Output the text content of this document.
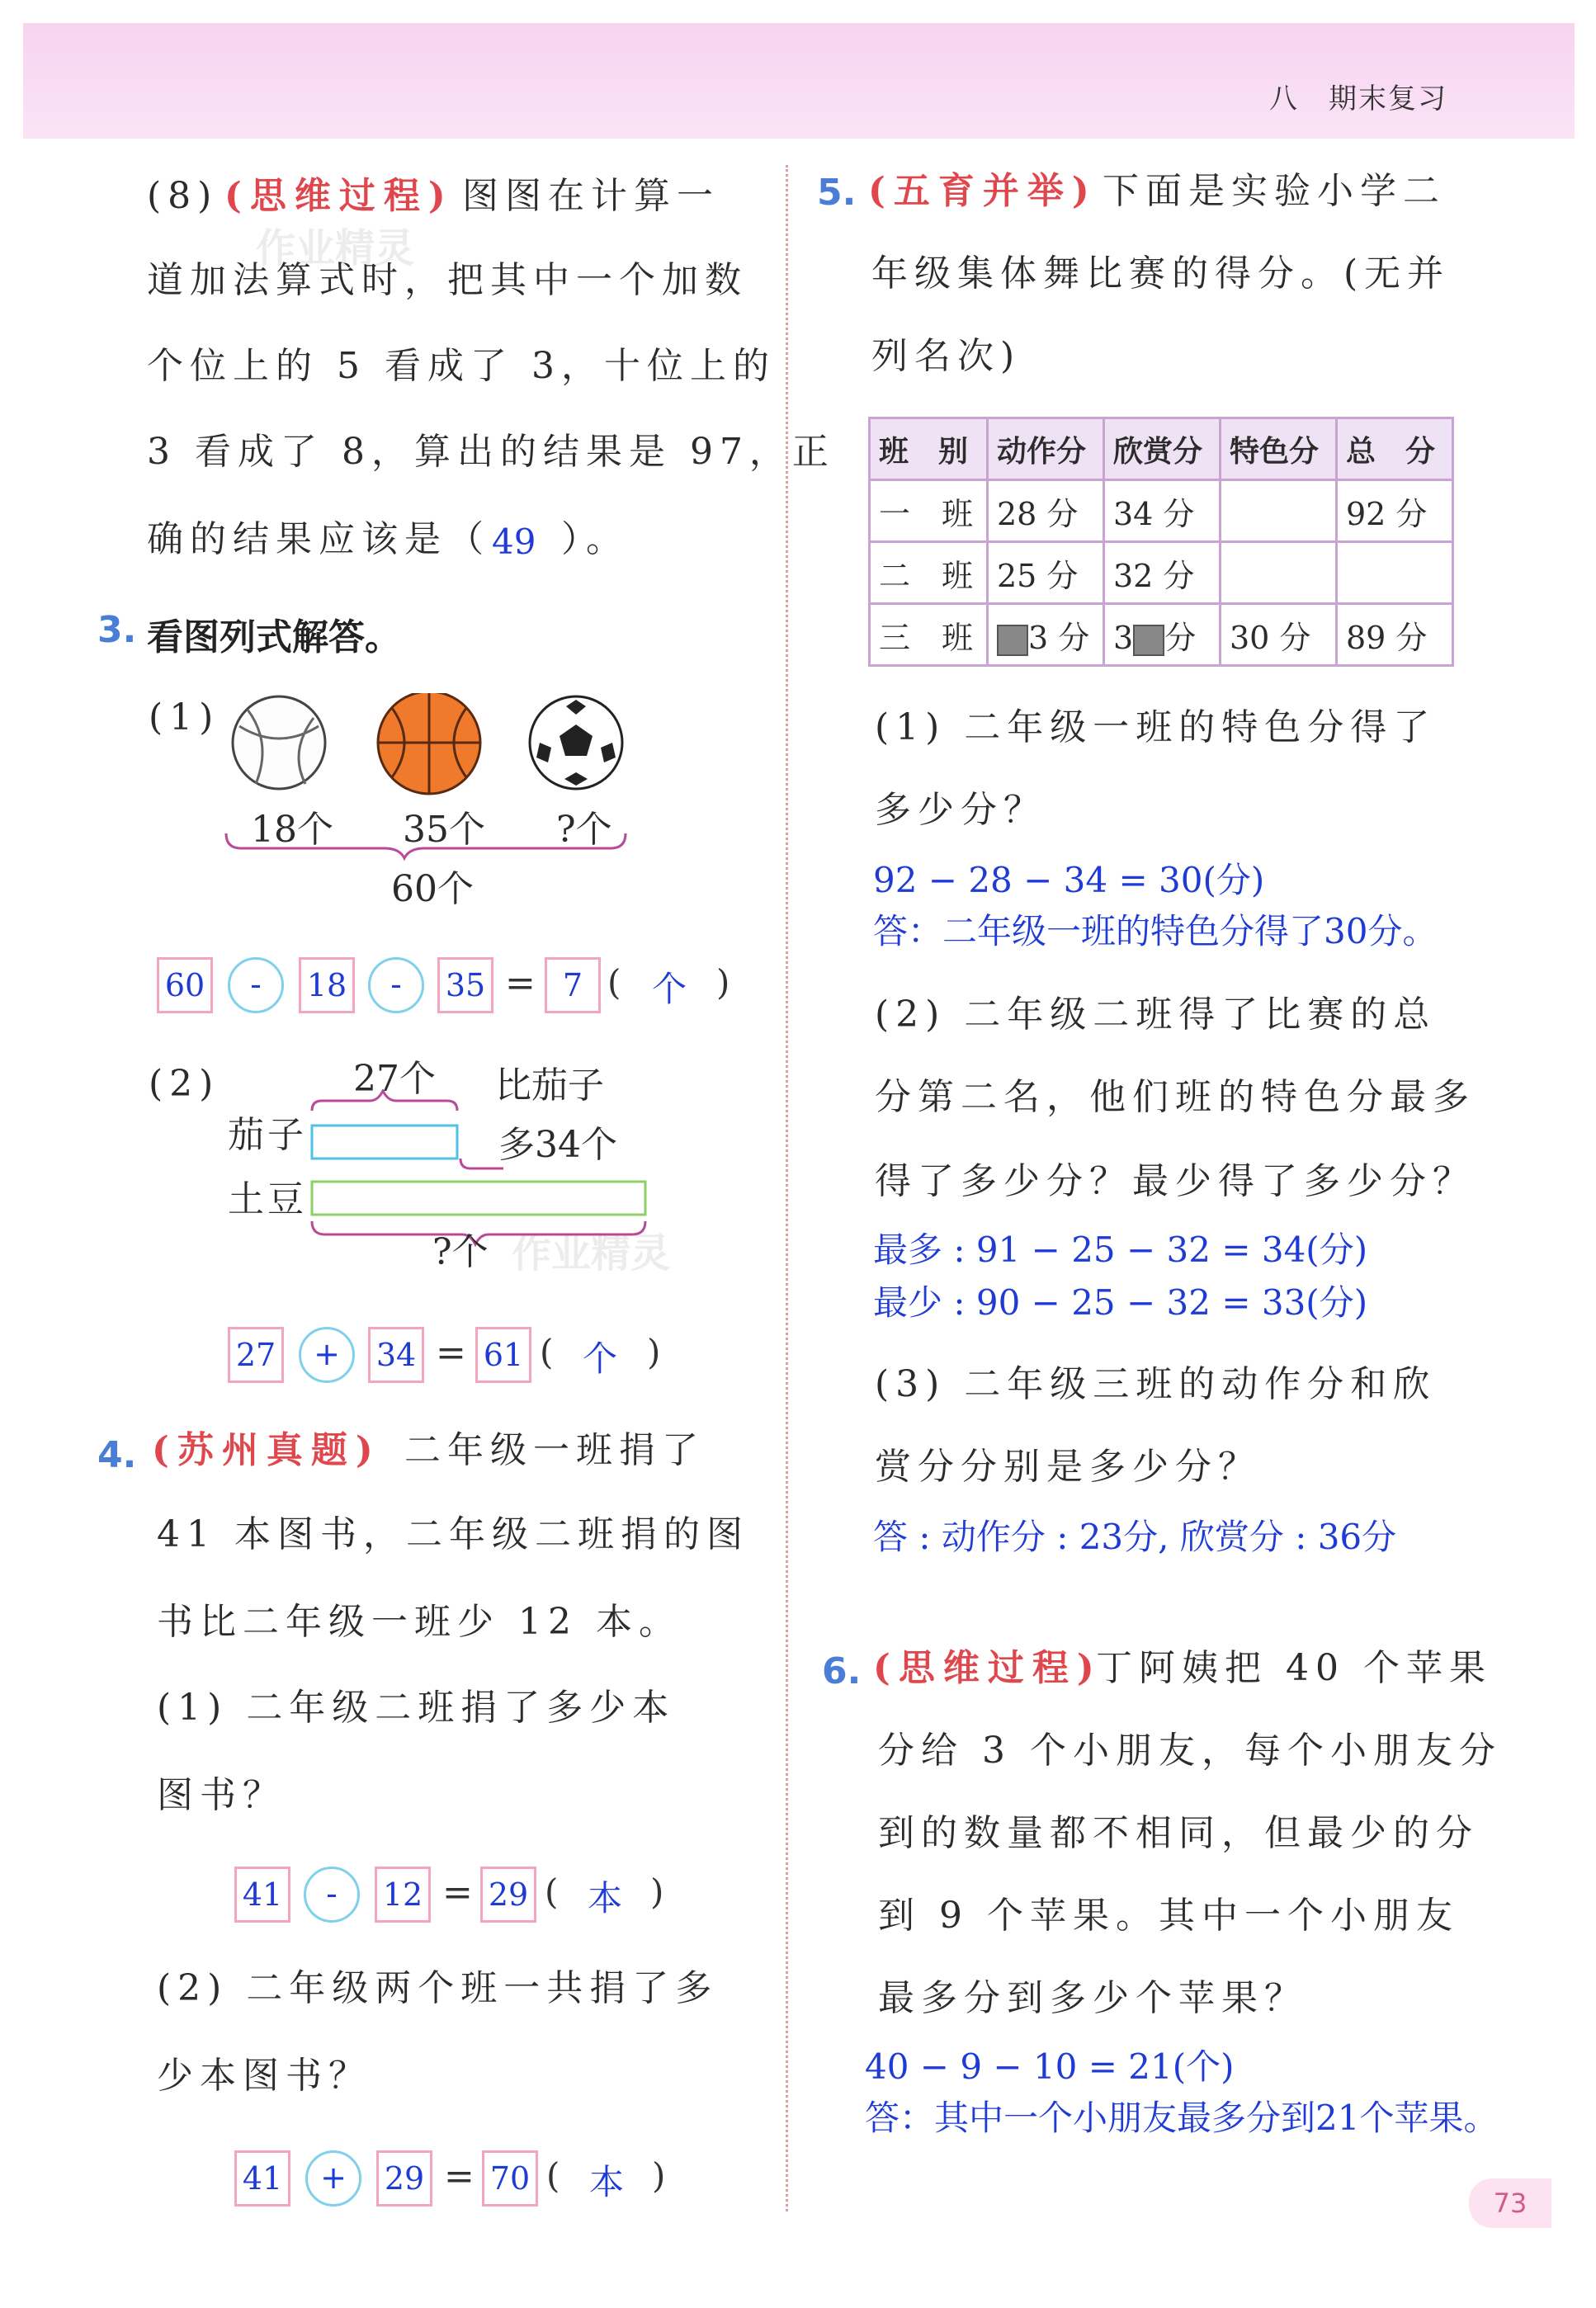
八　期末复习
作业精灵
作业精灵
(8) (思维过程) 图图在计算一
道加法算式时，把其中一个加数
个位上的 5 看成了 3，十位上的
3 看成了 8，算出的结果是 97，正
确的结果应该是（ 49 ）。
3. 看图列式解答。
(1)
18个 35个 ?个
60个
60	-	18	-	35 = 7 ( 个 )
(2)	27个 比茄子
茄子	多34个
土豆
?个
27	+	34 = 61 ( 个 )
4. (苏州真题) 二年级一班捐了
41 本图书，二年级二班捐的图
书比二年级一班少 12 本。
(1) 二年级二班捐了多少本
图书？
41	-	12 = 29 ( 本 )
(2) 二年级两个班一共捐了多
少本图书？
41	+	29 = 70 ( 本 )
5. (五育并举) 下面是实验小学二
年级集体舞比赛的得分。(无并
列名次)
班　别	动作分	欣赏分	特色分	总　分
一　班	28 分	34 分		92 分
二　班	25 分	32 分		
三　班	3 分	3 分	30 分	89 分
(1) 二年级一班的特色分得了
多少分？
92 − 28 − 34 = 30(分)
答：二年级一班的特色分得了30分。
(2) 二年级二班得了比赛的总
分第二名，他们班的特色分最多
得了多少分？最少得了多少分？
最多 : 91 − 25 − 32 = 34(分)
最少 : 90 − 25 − 32 = 33(分)
(3) 二年级三班的动作分和欣
赏分分别是多少分？
答 : 动作分 : 23分, 欣赏分 : 36分
6. (思维过程)
丁阿姨把 40 个苹果
分给 3 个小朋友，每个小朋友分
到的数量都不相同，但最少的分
到 9 个苹果。其中一个小朋友
最多分到多少个苹果？
40 − 9 − 10 = 21(个)
答：其中一个小朋友最多分到21个苹果。
73
